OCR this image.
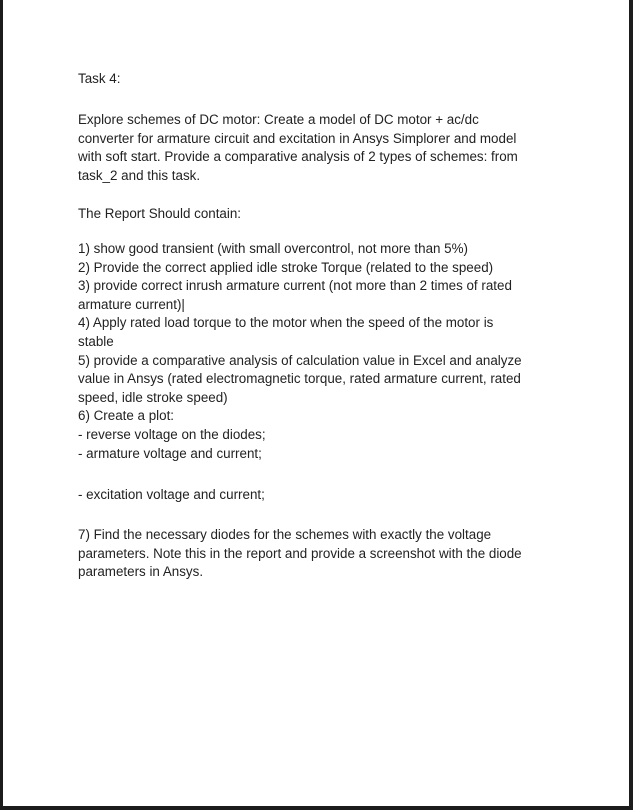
Task 4:

Explore schemes of DC motor: Create a model of DC motor + ac/dc
converter for armature circuit and excitation in Ansys Simplorer and model
with soft start. Provide a comparative analysis of 2 types of schemes: from
task_2 and this task.

The Report Should contain:

1) show good transient (with small overcontrol, not more than 5%)
2) Provide the correct applied idle stroke Torque (related to the speed)
3) provide correct inrush armature current (not more than 2 times of rated
armature current)|
4) Apply rated load torque to the motor when the speed of the motor is
stable
5) provide a comparative analysis of calculation value in Excel and analyze
value in Ansys (rated electromagnetic torque, rated armature current, rated
speed, idle stroke speed)
6) Create a plot:
- reverse voltage on the diodes;
- armature voltage and current;

- excitation voltage and current;

7) Find the necessary diodes for the schemes with exactly the voltage
parameters. Note this in the report and provide a screenshot with the diode
parameters in Ansys.
